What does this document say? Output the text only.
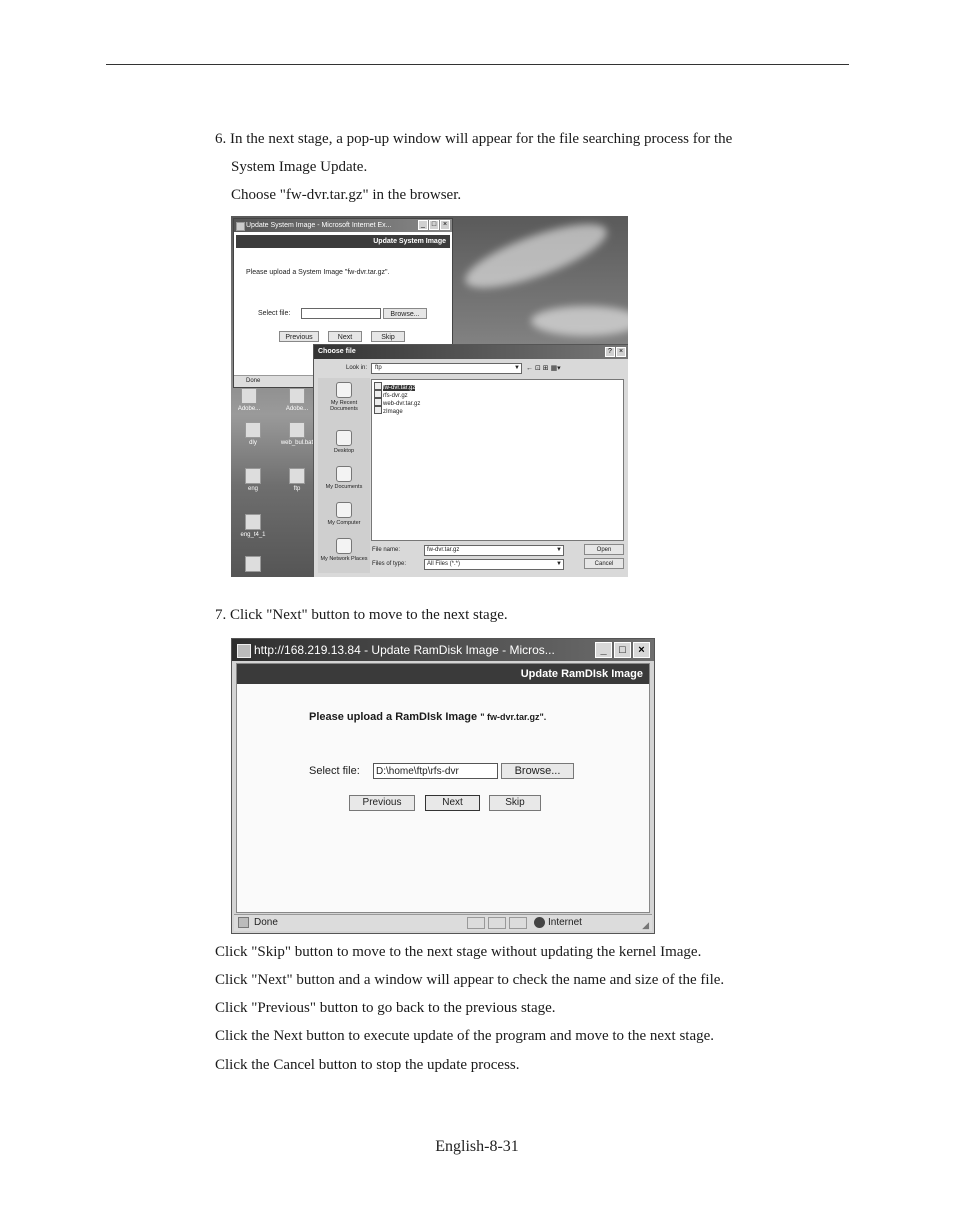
6. In the next stage, a pop-up window will appear for the file searching process for the
System Image Update.
Choose "fw-dvr.tar.gz" in the browser.
Update System Image - Microsoft Internet Ex...	_ □ ×
Update System Image
Please upload a System Image "fw-dvr.tar.gz".
Select file:	Browse...
Previous	Next	Skip
Done
Adobe...	Adobe...
dly	web_bul.bat
eng	ftp
eng_t4_1
Choose file	?	×
Look in:	ftp	▼ ← ⊡ ⊞ ▦▾
My Recent Documents
Desktop
My Documents
My Computer
My Network Places
fw-dvr.tar.gz
rfs-dvr.gz
web-dvr.tar.gz
zImage
File name:	fw-dvr.tar.gz	▼	Open
Files of type:	All Files (*.*)	▼	Cancel
7. Click "Next" button to move to the next stage.
http://168.219.13.84 - Update RamDisk Image - Micros...	_	□	×
Update RamDIsk Image
Please upload a RamDIsk Image " fw-dvr.tar.gz".
Select file:	D:\home\ftp\rfs-dvr	Browse...
Previous	Next	Skip
Done	Internet	◢
Click "Skip" button to move to the next stage without updating the kernel Image.
Click "Next" button and a window will appear to check the name and size of the file.
Click "Previous" button to go back to the previous stage.
Click the Next button to execute update of the program and move to the next stage.
Click the Cancel button to stop the update process.
English-8-31
